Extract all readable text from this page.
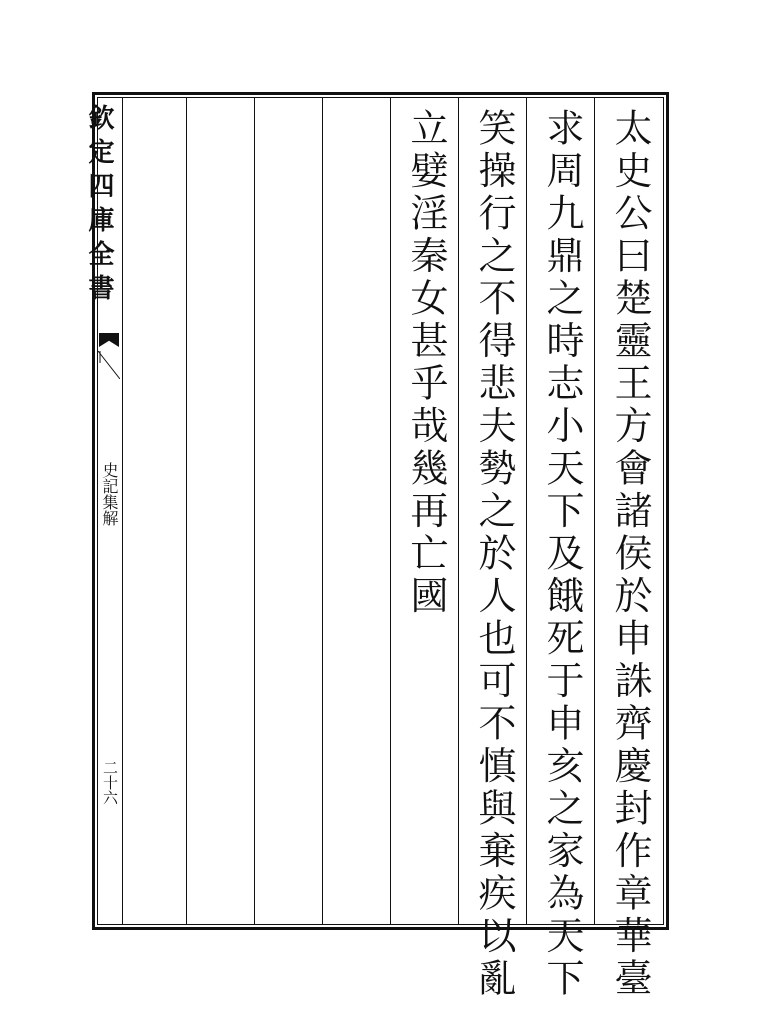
欽定四庫全書
史記集解
二十六	太史公曰楚靈王方會諸侯於申誅齊慶封作章華臺
求周九鼎之時志小天下及餓死于申亥之家為天下
笑操行之不得悲夫勢之於人也可不慎與棄疾以亂
立嬖淫秦女甚乎哉幾再亡國
